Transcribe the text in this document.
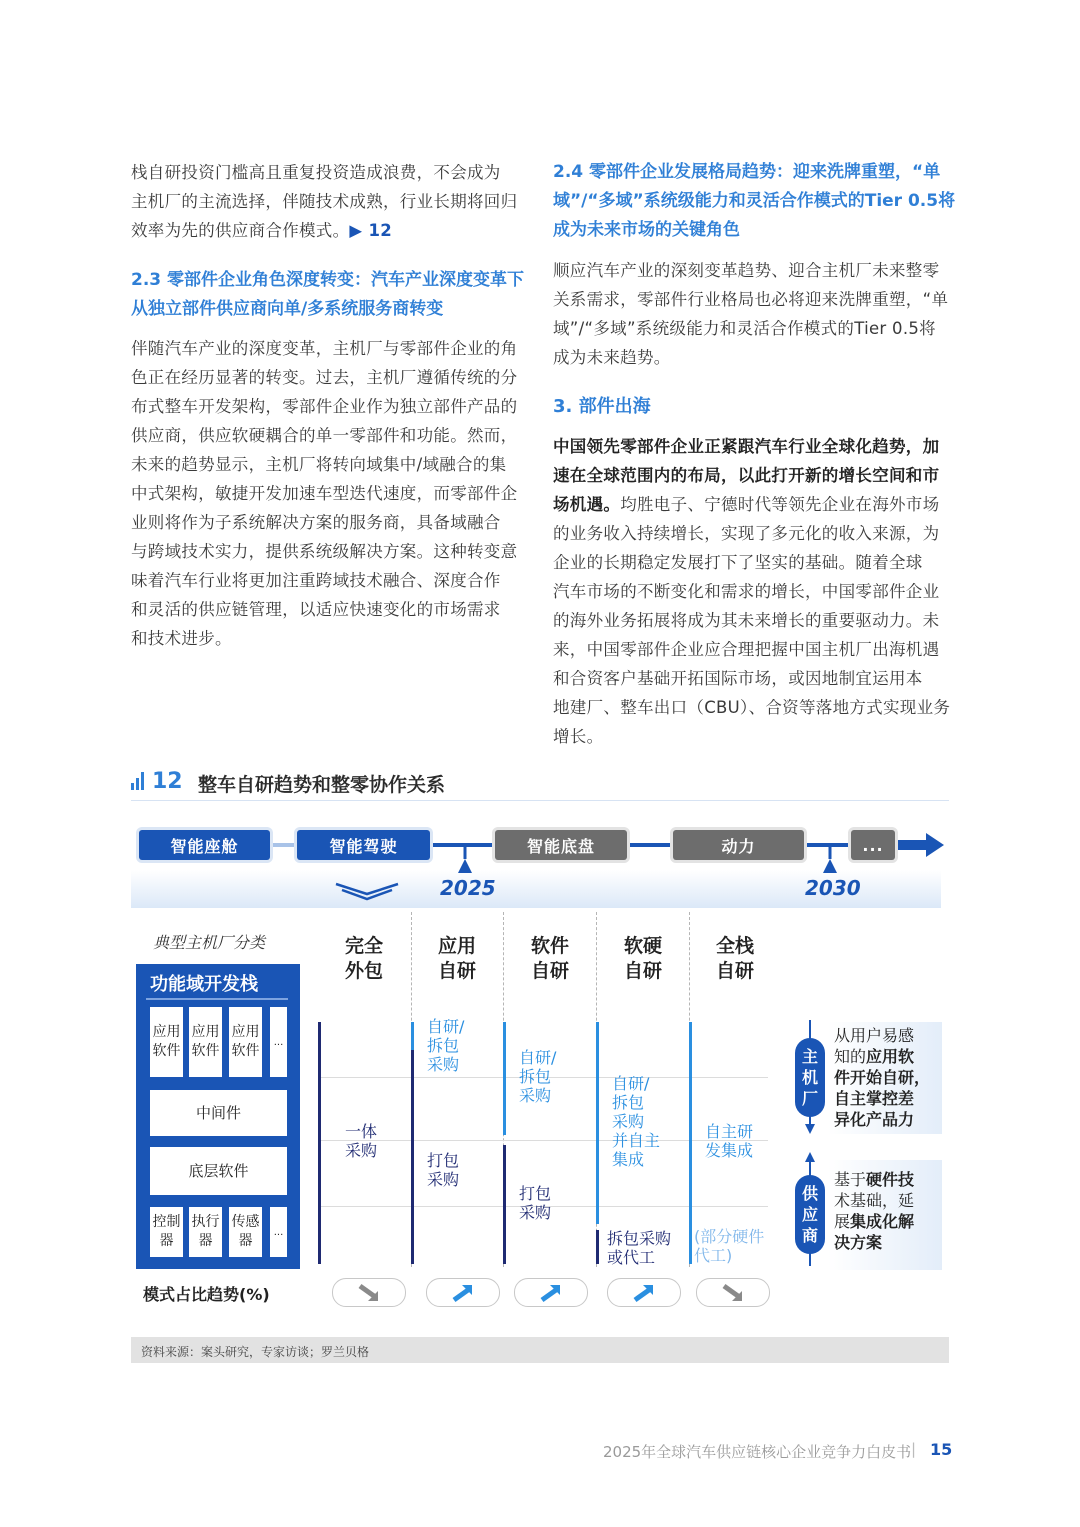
栈自研投资门槛高且重复投资造成浪费，不会成为
主机厂的主流选择，伴随技术成熟，行业长期将回归
效率为先的供应商合作模式。▶ 12
2.3 零部件企业角色深度转变：汽车产业深度变革下
从独立部件供应商向单/多系统服务商转变
伴随汽车产业的深度变革，主机厂与零部件企业的角
色正在经历显著的转变。过去，主机厂遵循传统的分
布式整车开发架构，零部件企业作为独立部件产品的
供应商，供应软硬耦合的单一零部件和功能。然而，
未来的趋势显示，主机厂将转向域集中/域融合的集
中式架构，敏捷开发加速车型迭代速度，而零部件企
业则将作为子系统解决方案的服务商，具备域融合
与跨域技术实力，提供系统级解决方案。这种转变意
味着汽车行业将更加注重跨域技术融合、深度合作
和灵活的供应链管理，以适应快速变化的市场需求
和技术进步。
2.4 零部件企业发展格局趋势：迎来洗牌重塑，“单
域”/“多域”系统级能力和灵活合作模式的Tier 0.5将
成为未来市场的关键角色
顺应汽车产业的深刻变革趋势、迎合主机厂未来整零
关系需求，零部件行业格局也必将迎来洗牌重塑，“单
域”/“多域”系统级能力和灵活合作模式的Tier 0.5将
成为未来趋势。
3. 部件出海
中国领先零部件企业正紧跟汽车行业全球化趋势，加
速在全球范围内的布局，以此打开新的增长空间和市
场机遇。均胜电子、宁德时代等领先企业在海外市场
的业务收入持续增长，实现了多元化的收入来源，为
企业的长期稳定发展打下了坚实的基础。随着全球
汽车市场的不断变化和需求的增长，中国零部件企业
的海外业务拓展将成为其未来增长的重要驱动力。未
来，中国零部件企业应合理把握中国主机厂出海机遇
和合资客户基础开拓国际市场，或因地制宜运用本
地建厂、整车出口（CBU）、合资等落地方式实现业务
增长。
12 整车自研趋势和整零协作关系
智能座舱	智能驾驶	智能底盘	动力	...
2025	2030
典型主机厂分类	完全
外包
应用
自研
软件
自研
软硬
自研
全栈
自研
功能域开发栈
应用
软件
应用
软件
应用
软件
...
中间件
底层软件
控制
器
执行
器
传感
器
...
一体
采购
自研/
拆包
采购
打包
采购
自研/
拆包
采购
打包
采购
自研/
拆包
采购
并自主
集成
拆包采购
或代工
自主研
发集成
(部分硬件
代工)
主
机
厂
从用户易感
知的应用软
件开始自研，
自主掌控差
异化产品力
供
应
商
基于硬件技
术基础，延
展集成化解
决方案
模式占比趋势(%)
资料来源：案头研究，专家访谈；罗兰贝格
2025年全球汽车供应链核心企业竞争力白皮书 | 15
